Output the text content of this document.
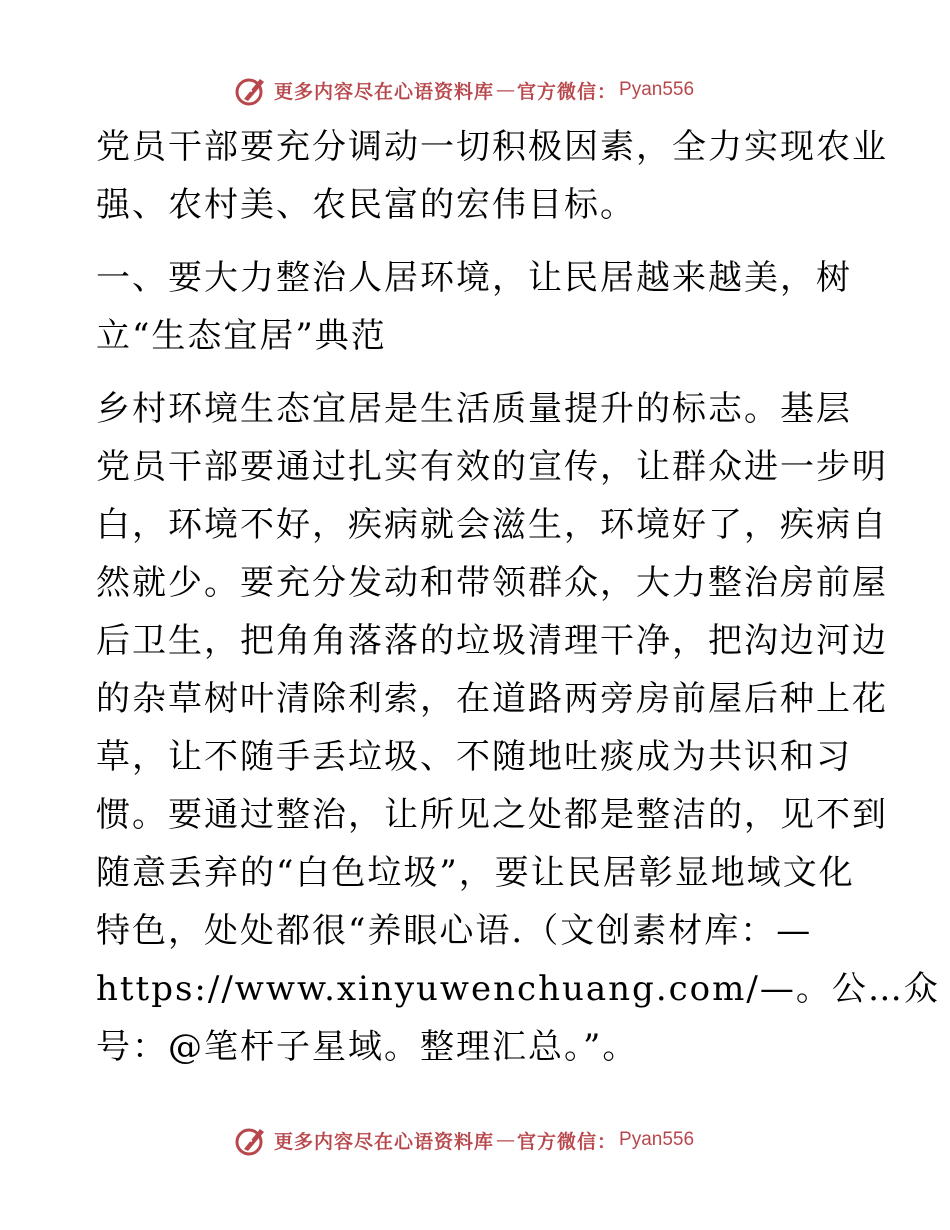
更多内容尽在心语资料库 — 官方微信： Pyan556

党员干部要充分调动一切积极因素，全力实现农业
强、农村美、农民富的宏伟目标。

一、要大力整治人居环境，让民居越来越美，树
立“生态宜居”典范

乡村环境生态宜居是生活质量提升的标志。基层
党员干部要通过扎实有效的宣传，让群众进一步明
白，环境不好，疾病就会滋生，环境好了，疾病自
然就少。要充分发动和带领群众，大力整治房前屋
后卫生，把角角落落的垃圾清理干净，把沟边河边
的杂草树叶清除利索，在道路两旁房前屋后种上花
草，让不随手丢垃圾、不随地吐痰成为共识和习
惯。要通过整治，让所见之处都是整洁的，见不到
随意丢弃的“白色垃圾”，要让民居彰显地域文化
特色，处处都很“养眼心语.（文创素材库：—
https://www.xinyuwenchuang.com/—。公…众
号：@笔杆子星域。整理汇总。”。

更多内容尽在心语资料库 — 官方微信： Pyan556
